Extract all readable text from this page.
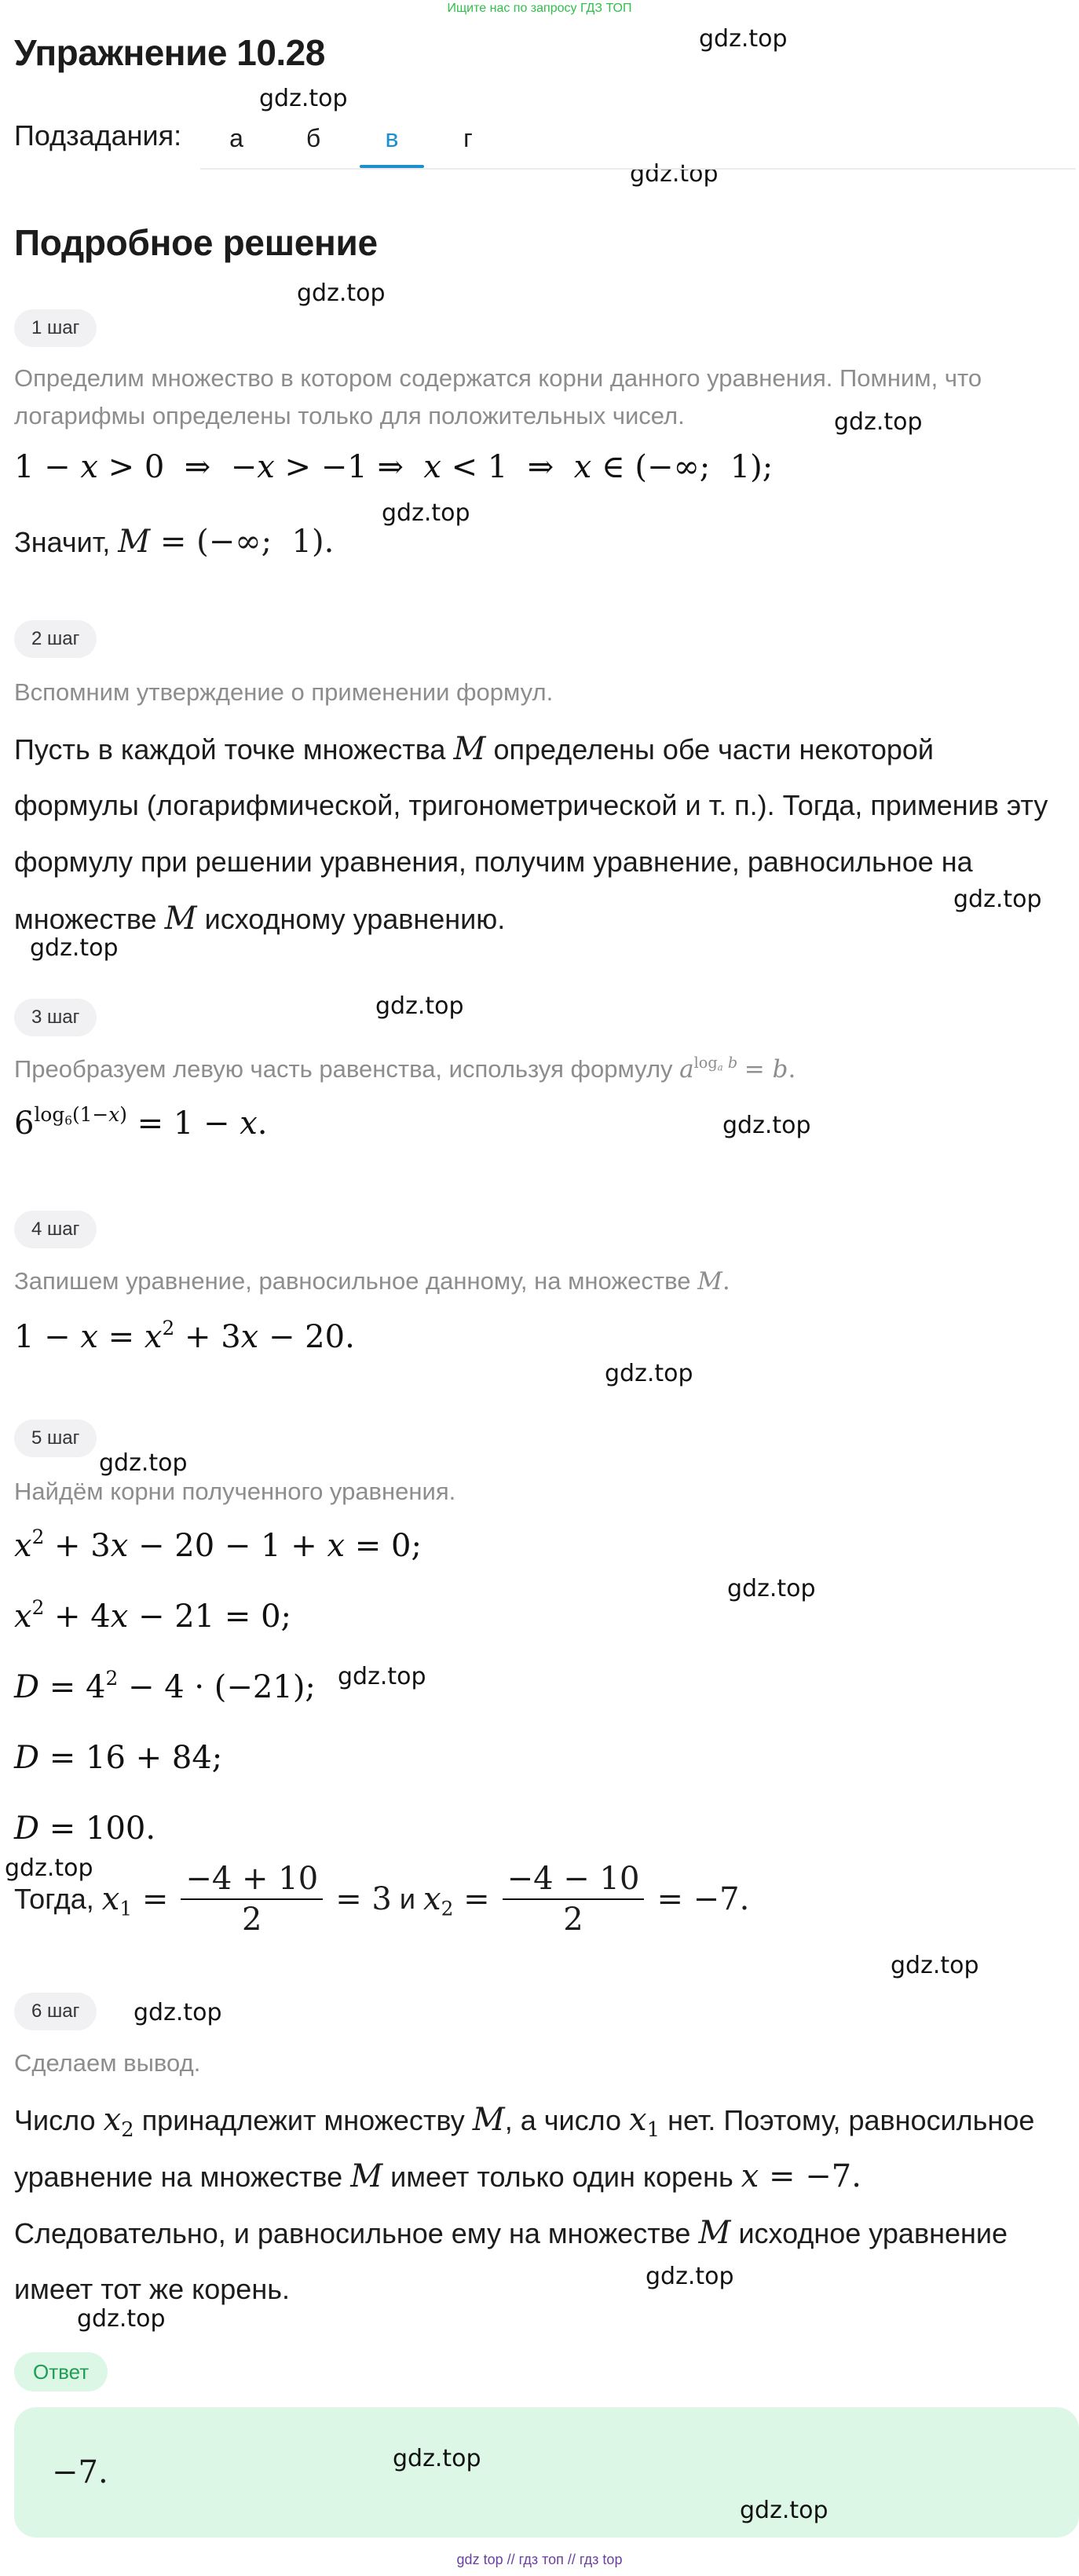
Ищите нас по запросу ГДЗ ТОП
gdz.top
gdz.top
gdz.top
gdz.top
gdz.top
gdz.top
gdz.top
gdz.top
gdz.top
gdz.top
gdz.top
gdz.top
gdz.top
gdz.top
gdz.top
gdz.top
gdz.top
gdz.top
gdz.top
Упражнение 10.28
Подзадания:	а	б	в	г
Подробное решение
1 шаг
Определим множество в котором содержатся корни данного уравнения. Помним, что логарифмы определены только для положительных чисел.
1 − x > 0  ⇒  −x > −1 ⇒  x < 1  ⇒  x ∈ (−∞;  1);
Значит, M = (−∞;  1).
2 шаг
Вспомним утверждение о применении формул.
Пусть в каждой точке множества M определены обе части некоторой
формулы (логарифмической, тригонометрической и т. п.). Тогда, применив эту
формулу при решении уравнения, получим уравнение, равносильное на
множестве M исходному уравнению.
3 шаг
Преобразуем левую часть равенства, используя формулу $a^{log_a b} = b$.
$6^{log_6(1-x)} = 1 - x$.
4 шаг
Запишем уравнение, равносильное данному, на множестве M.
$1 - x = x^2 + 3x - 20$.
5 шаг
Найдём корни полученного уравнения.
$x^2 + 3x - 20 - 1 + x = 0$;
$x^2 + 4x - 21 = 0$;
$D = 4^2 - 4 \cdot (-21)$;
D = 16 + 84;
D = 100.
Тогда, $x_1 = \frac{-4 + 10}{2} = 3$ и $x_2 = \frac{-4 - 10}{2} = -7$.
6 шаг
Сделаем вывод.
Число $x_2$ принадлежит множеству M, а число $x_1$ нет. Поэтому, равносильное
уравнение на множестве M имеет только один корень x = −7.
Следовательно, и равносильное ему на множестве M исходное уравнение
имеет тот же корень.
Ответ
−7.	gdz.top
gdz.top
gdz top // гдз топ // гдз top
